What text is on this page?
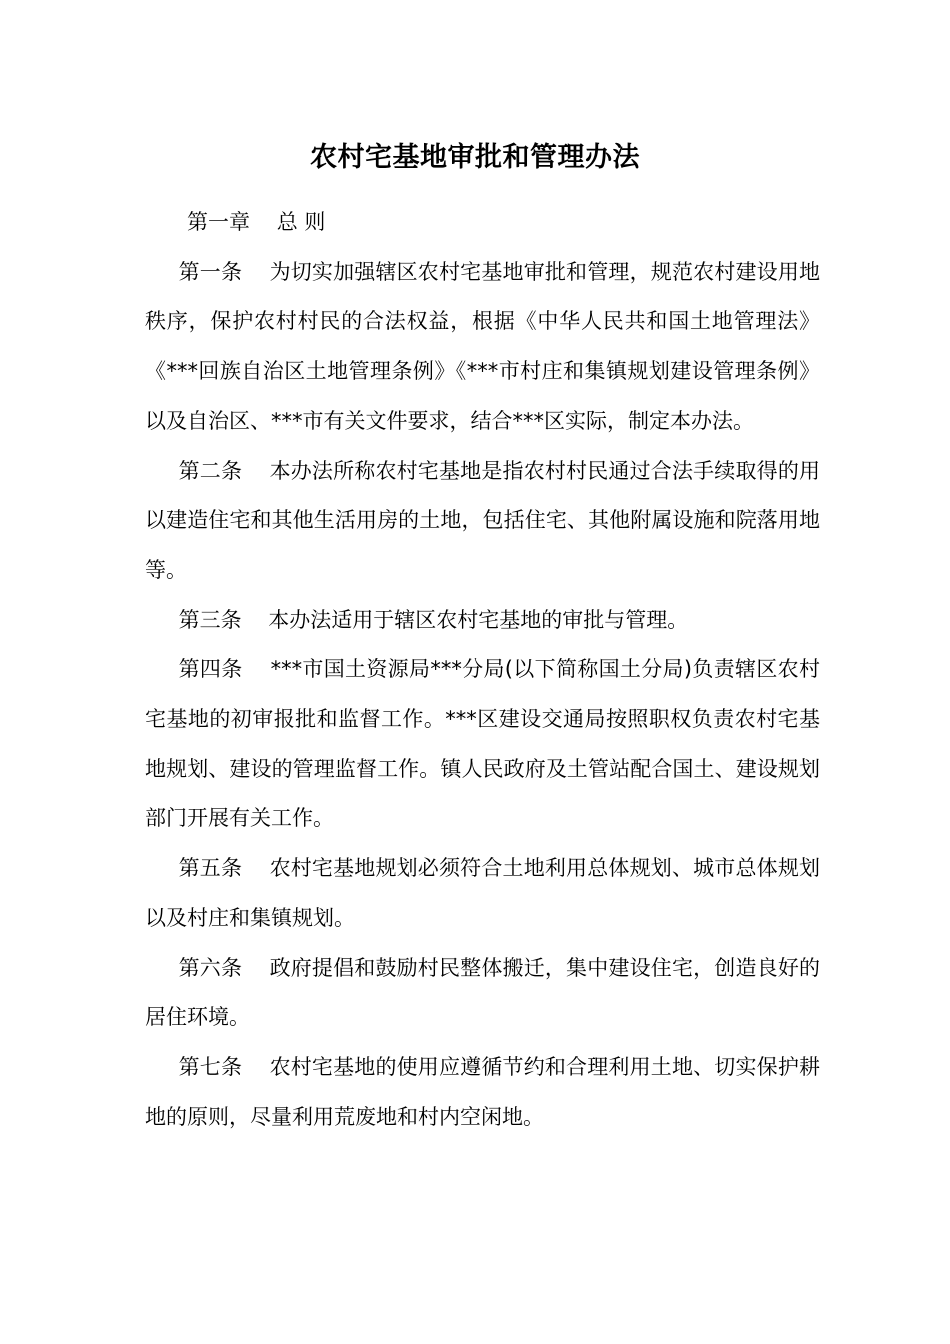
农村宅基地审批和管理办法

第一章 总 则

第一条 为切实加强辖区农村宅基地审批和管理，规范农村建设用地秩序，保护农村村民的合法权益，根据《中华人民共和国土地管理法》《***回族自治区土地管理条例》《***市村庄和集镇规划建设管理条例》以及自治区、***市有关文件要求，结合***区实际，制定本办法。

第二条 本办法所称农村宅基地是指农村村民通过合法手续取得的用以建造住宅和其他生活用房的土地，包括住宅、其他附属设施和院落用地等。

第三条 本办法适用于辖区农村宅基地的审批与管理。

第四条 ***市国土资源局***分局(以下简称国土分局)负责辖区农村宅基地的初审报批和监督工作。***区建设交通局按照职权负责农村宅基地规划、建设的管理监督工作。镇人民政府及土管站配合国土、建设规划部门开展有关工作。

第五条 农村宅基地规划必须符合土地利用总体规划、城市总体规划以及村庄和集镇规划。

第六条 政府提倡和鼓励村民整体搬迁，集中建设住宅，创造良好的居住环境。

第七条 农村宅基地的使用应遵循节约和合理利用土地、切实保护耕地的原则，尽量利用荒废地和村内空闲地。
